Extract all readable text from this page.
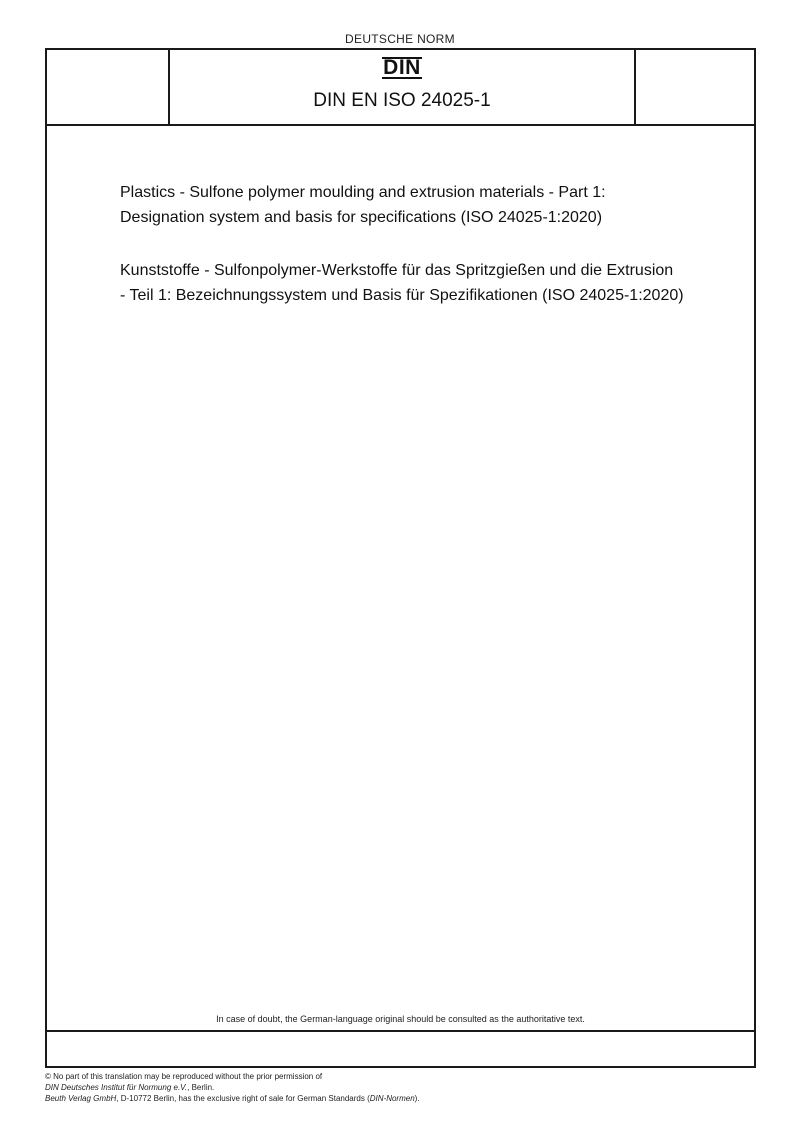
DEUTSCHE NORM
DIN
DIN EN ISO 24025-1
Plastics - Sulfone polymer moulding and extrusion materials - Part 1:
Designation system and basis for specifications (ISO 24025-1:2020)
Kunststoffe - Sulfonpolymer-Werkstoffe für das Spritzgießen und die Extrusion
- Teil 1: Bezeichnungssystem und Basis für Spezifikationen (ISO 24025-1:2020)
In case of doubt, the German-language original should be consulted as the authoritative text.
© No part of this translation may be reproduced without the prior permission of
DIN Deutsches Institut für Normung e.V., Berlin.
Beuth Verlag GmbH, D-10772 Berlin, has the exclusive right of sale for German Standards (DIN-Normen).
